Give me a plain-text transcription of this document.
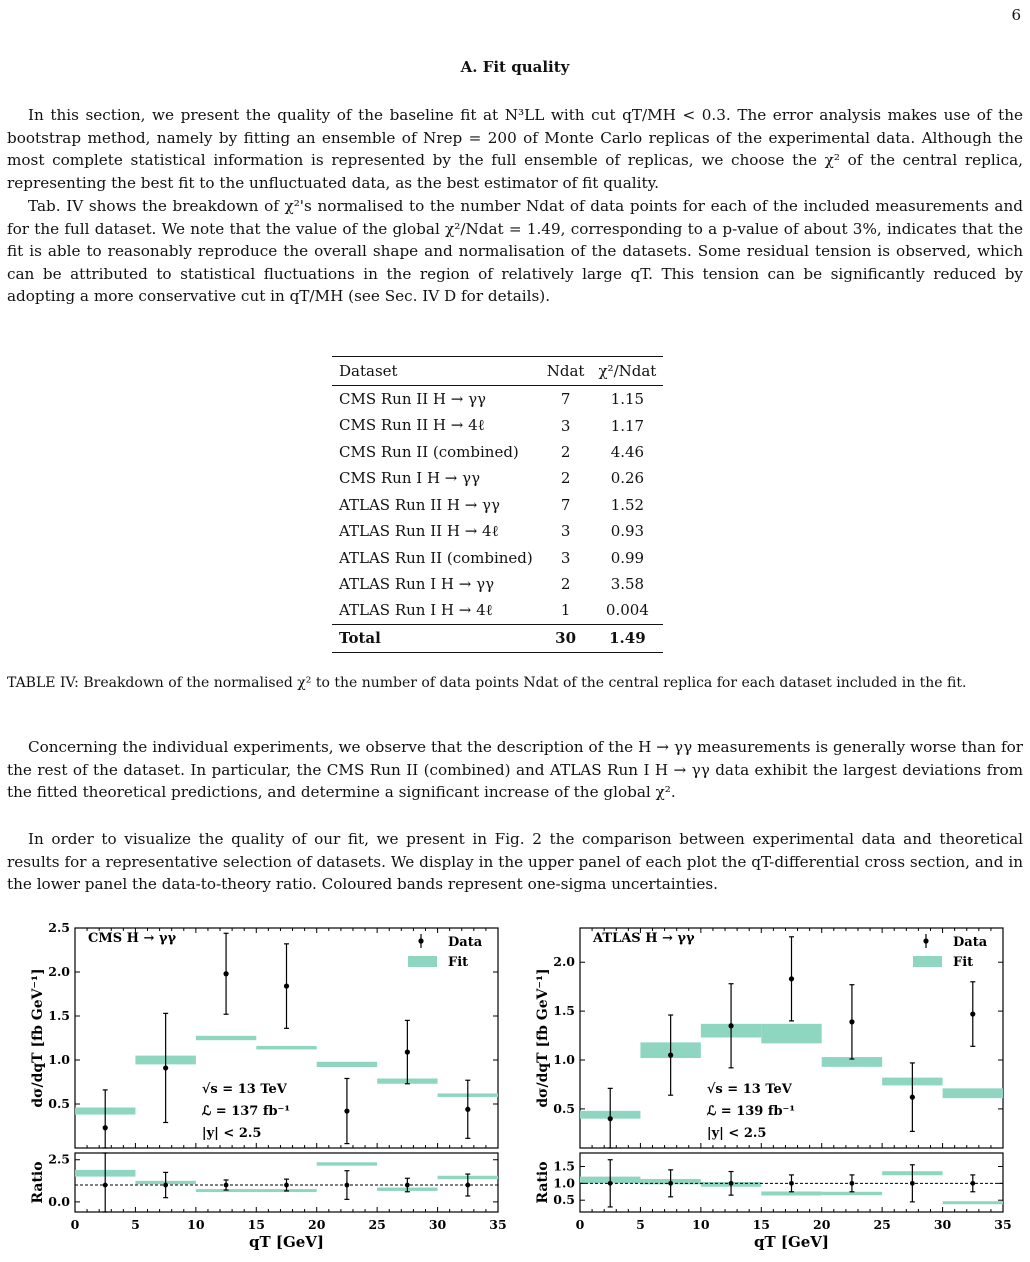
6
A. Fit quality

In this section, we present the quality of the baseline fit at N³LL with cut qT/MH < 0.3. The error analysis makes use of the bootstrap method, namely by fitting an ensemble of Nrep = 200 of Monte Carlo replicas of the experimental data. Although the most complete statistical information is represented by the full ensemble of replicas, we choose the χ² of the central replica, representing the best fit to the unfluctuated data, as the best estimator of fit quality.

Tab. IV shows the breakdown of χ²'s normalised to the number Ndat of data points for each of the included measurements and for the full dataset. We note that the value of the global χ²/Ndat = 1.49, corresponding to a p-value of about 3%, indicates that the fit is able to reasonably reproduce the overall shape and normalisation of the datasets. Some residual tension is observed, which can be attributed to statistical fluctuations in the region of relatively large qT. This tension can be significantly reduced by adopting a more conservative cut in qT/MH (see Sec. IV D for details).

Dataset	Ndat	χ²/Ndat
CMS Run II H → γγ	7	1.15
CMS Run II H → 4ℓ	3	1.17
CMS Run II (combined)	2	4.46
CMS Run I H → γγ	2	0.26
ATLAS Run II H → γγ	7	1.52
ATLAS Run II H → 4ℓ	3	0.93
ATLAS Run II (combined)	3	0.99
ATLAS Run I H → γγ	2	3.58
ATLAS Run I H → 4ℓ	1	0.004
Total	30	1.49

TABLE IV: Breakdown of the normalised χ² to the number of data points Ndat of the central replica for each dataset included in the fit.

Concerning the individual experiments, we observe that the description of the H → γγ measurements is generally worse than for the rest of the dataset. In particular, the CMS Run II (combined) and ATLAS Run I H → γγ data exhibit the largest deviations from the fitted theoretical predictions, and determine a significant increase of the global χ².

In order to visualize the quality of our fit, we present in Fig. 2 the comparison between experimental data and theoretical results for a representative selection of datasets. We display in the upper panel of each plot the qT-differential cross section, and in the lower panel the data-to-theory ratio. Coloured bands represent one-sigma uncertainties.

0	5	10	15	20	25	30	35
0.5
1.0
1.5
2.0
2.5
0.0
2.5
qT [GeV]
dσ/dqT [fb GeV⁻¹]
Ratio
CMS H → γγ
√s = 13 TeV
ℒ = 137 fb⁻¹
|y| < 2.5
Data
Fit
0	5	10	15	20	25	30	35
0.5
1.0
1.5
2.0
0.5
1.0
1.5
qT [GeV]
dσ/dqT [fb GeV⁻¹]
Ratio
ATLAS H → γγ
√s = 13 TeV
ℒ = 139 fb⁻¹
|y| < 2.5
Data
Fit
